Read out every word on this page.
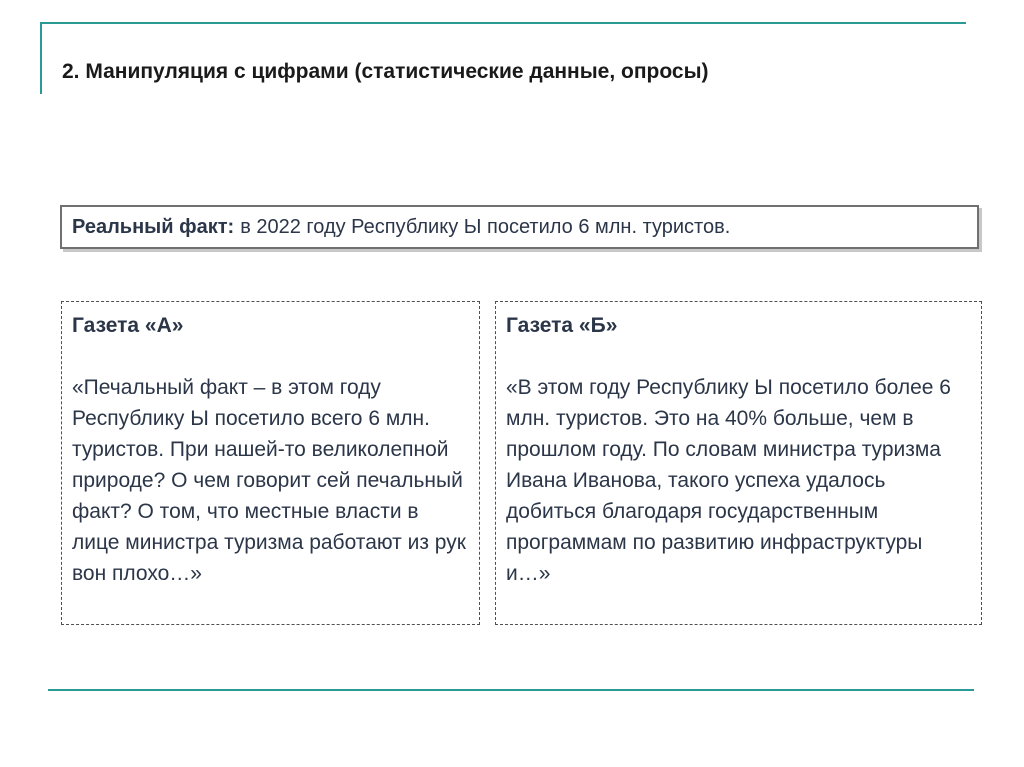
2. Манипуляция с цифрами (статистические данные, опросы)
Реальный факт: в 2022 году Республику Ы посетило 6 млн. туристов.
Газета «А»
«Печальный факт – в этом году Республику Ы посетило всего 6 млн. туристов. При нашей-то великолепной природе? О чем говорит сей печальный факт? О том, что местные власти в лице министра туризма работают из рук вон плохо…»
Газета «Б»
«В этом году Республику Ы посетило более 6 млн. туристов. Это на 40% больше, чем в прошлом году. По словам министра туризма Ивана Иванова, такого успеха удалось добиться благодаря государственным программам по развитию инфраструктуры и…»
